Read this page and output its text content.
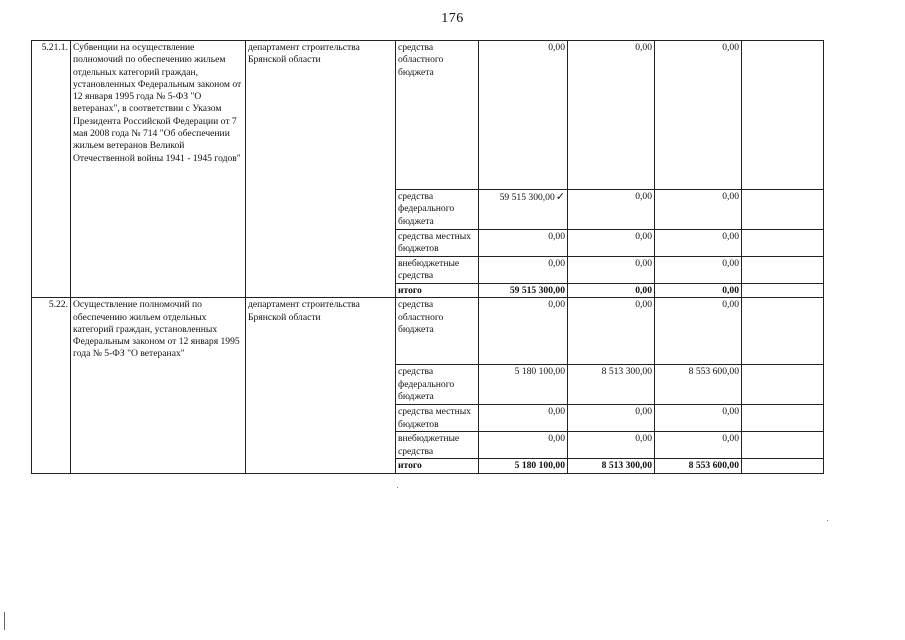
176
5.21.1.	Субвенции на осуществление полномочий по обеспечению жильем отдельных категорий граждан, установленных Федеральным законом от 12 января 1995 года № 5-ФЗ "О ветеранах", в соответствии с Указом Президента Российской Федерации от 7 мая 2008 года № 714 "Об обеспечении жильем ветеранов Великой Отечественной войны 1941 - 1945 годов"	департамент строительства Брянской области	средства областного бюджета	0,00	0,00	0,00	
			средства федерального бюджета	59 515 300,00✓	0,00	0,00	
			средства местных бюджетов	0,00	0,00	0,00	
			внебюджетные средства	0,00	0,00	0,00	
			итого	59 515 300,00	0,00	0,00	
5.22.	Осуществление полномочий по обеспечению жильем отдельных категорий граждан, установленных Федеральным законом от 12 января 1995 года № 5-ФЗ "О ветеранах"	департамент строительства Брянской области	средства областного бюджета	0,00	0,00	0,00	
			средства федерального бюджета	5 180 100,00	8 513 300,00	8 553 600,00	
			средства местных бюджетов	0,00	0,00	0,00	
			внебюджетные средства	0,00	0,00	0,00	
			итого	5 180 100,00	8 513 300,00	8 553 600,00	
